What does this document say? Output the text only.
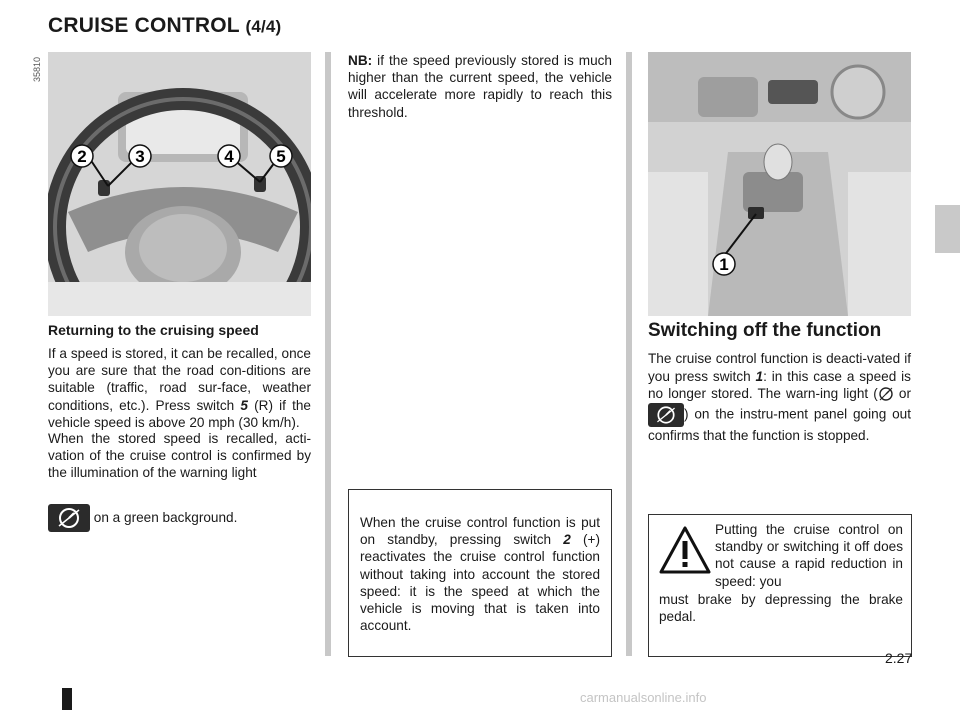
CRUISE CONTROL (4/4)
35810
2	3	4	5
Returning to the cruising speed
If a speed is stored, it can be recalled, once you are sure that the road con-ditions are suitable (traffic, road sur-face, weather conditions, etc.). Press switch 5 (R) if the vehicle speed is above 20 mph (30 km/h).
When the stored speed is recalled, acti-vation of the cruise control is confirmed by the illumination of the warning light
on a green background.
NB: if the speed previously stored is much higher than the current speed, the vehicle will accelerate more rapidly to reach this threshold.
When the cruise control function is put on standby, pressing switch 2 (+) reactivates the cruise control function without taking into account the stored speed: it is the speed at which the vehicle is moving that is taken into account.
1
Switching off the function
The cruise control function is deacti-vated if you press switch 1: in this case a speed is no longer stored. The warn-ing light ( or ) on the instru-ment panel going out confirms that the function is stopped.
Putting the cruise control on standby or switching it off does not cause a rapid reduction in speed: you
must brake by depressing the brake pedal.
2.27
carmanualsonline.info
